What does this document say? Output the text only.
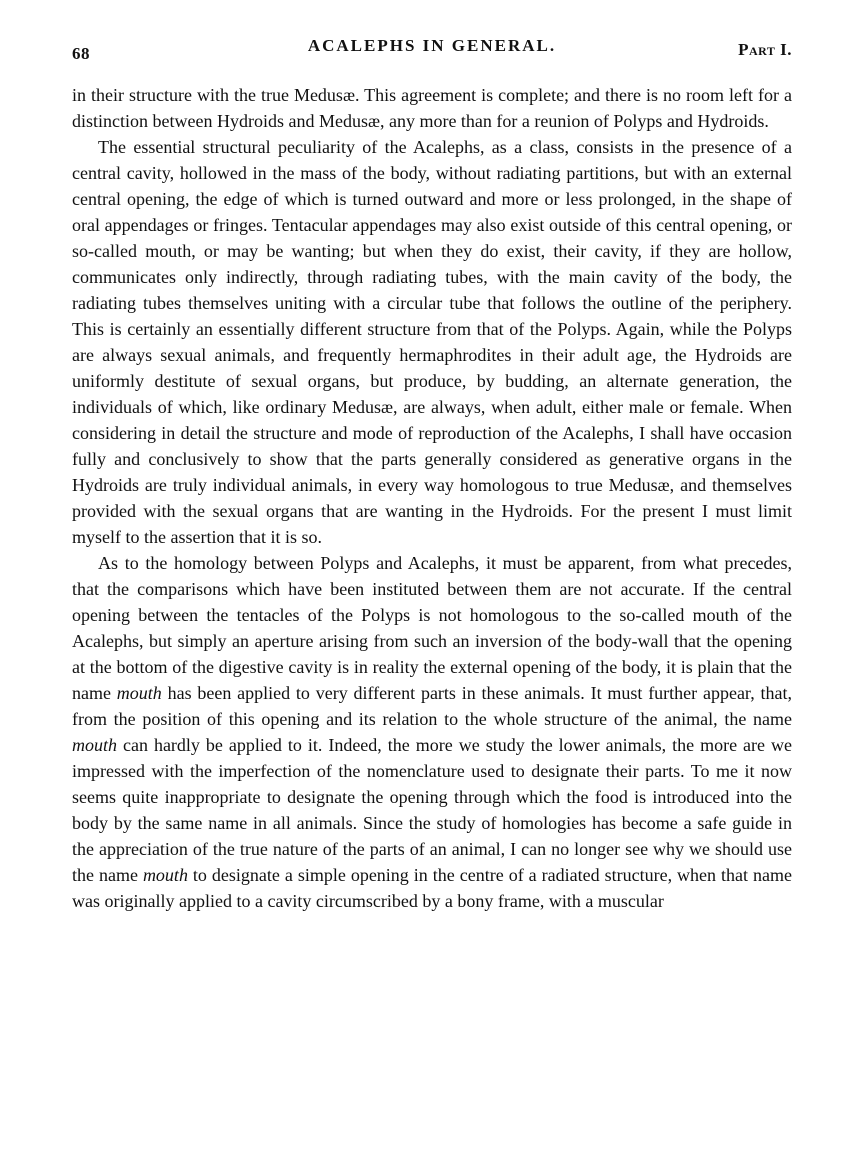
68	ACALEPHS IN GENERAL.	Part I.

in their structure with the true Medusæ. This agreement is complete; and there is no room left for a distinction between Hydroids and Medusæ, any more than for a reunion of Polyps and Hydroids.

The essential structural peculiarity of the Acalephs, as a class, consists in the presence of a central cavity, hollowed in the mass of the body, without radiating partitions, but with an external central opening, the edge of which is turned outward and more or less prolonged, in the shape of oral appendages or fringes. Tentacular appendages may also exist outside of this central opening, or so-called mouth, or may be wanting; but when they do exist, their cavity, if they are hollow, communicates only indirectly, through radiating tubes, with the main cavity of the body, the radiating tubes themselves uniting with a circular tube that follows the outline of the periphery. This is certainly an essentially different structure from that of the Polyps. Again, while the Polyps are always sexual animals, and frequently hermaphrodites in their adult age, the Hydroids are uniformly destitute of sexual organs, but produce, by budding, an alternate generation, the individuals of which, like ordinary Medusæ, are always, when adult, either male or female. When considering in detail the structure and mode of reproduction of the Acalephs, I shall have occasion fully and conclusively to show that the parts generally considered as generative organs in the Hydroids are truly individual animals, in every way homologous to true Medusæ, and themselves provided with the sexual organs that are wanting in the Hydroids. For the present I must limit myself to the assertion that it is so.

As to the homology between Polyps and Acalephs, it must be apparent, from what precedes, that the comparisons which have been instituted between them are not accurate. If the central opening between the tentacles of the Polyps is not homologous to the so-called mouth of the Acalephs, but simply an aperture arising from such an inversion of the body-wall that the opening at the bottom of the digestive cavity is in reality the external opening of the body, it is plain that the name mouth has been applied to very different parts in these animals. It must further appear, that, from the position of this opening and its relation to the whole structure of the animal, the name mouth can hardly be applied to it. Indeed, the more we study the lower animals, the more are we impressed with the imperfection of the nomenclature used to designate their parts. To me it now seems quite inappropriate to designate the opening through which the food is introduced into the body by the same name in all animals. Since the study of homologies has become a safe guide in the appreciation of the true nature of the parts of an animal, I can no longer see why we should use the name mouth to designate a simple opening in the centre of a radiated structure, when that name was originally applied to a cavity circumscribed by a bony frame, with a muscular
